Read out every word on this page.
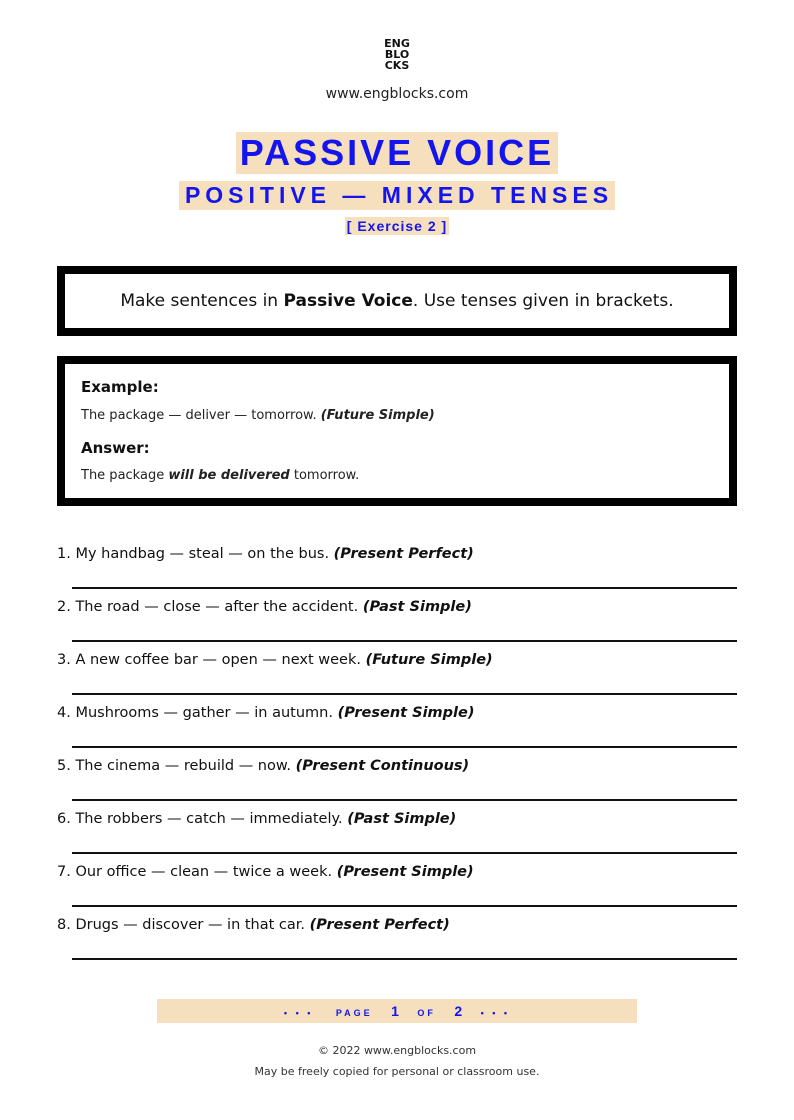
ENG
BLO
CKS
www.engblocks.com
PASSIVE VOICE
POSITIVE — MIXED TENSES
[ Exercise 2 ]
Make sentences in Passive Voice. Use tenses given in brackets.
Example:
The package — deliver — tomorrow. (Future Simple)
Answer:
The package will be delivered tomorrow.
1. My handbag — steal — on the bus. (Present Perfect)
2. The road — close — after the accident. (Past Simple)
3. A new coffee bar — open — next week. (Future Simple)
4. Mushrooms — gather — in autumn. (Present Simple)
5. The cinema — rebuild — now. (Present Continuous)
6. The robbers — catch — immediately. (Past Simple)
7. Our office — clean — twice a week. (Present Simple)
8. Drugs — discover — in that car. (Present Perfect)
• • • PAGE 1 OF 2 • • •
© 2022 www.engblocks.com
May be freely copied for personal or classroom use.
